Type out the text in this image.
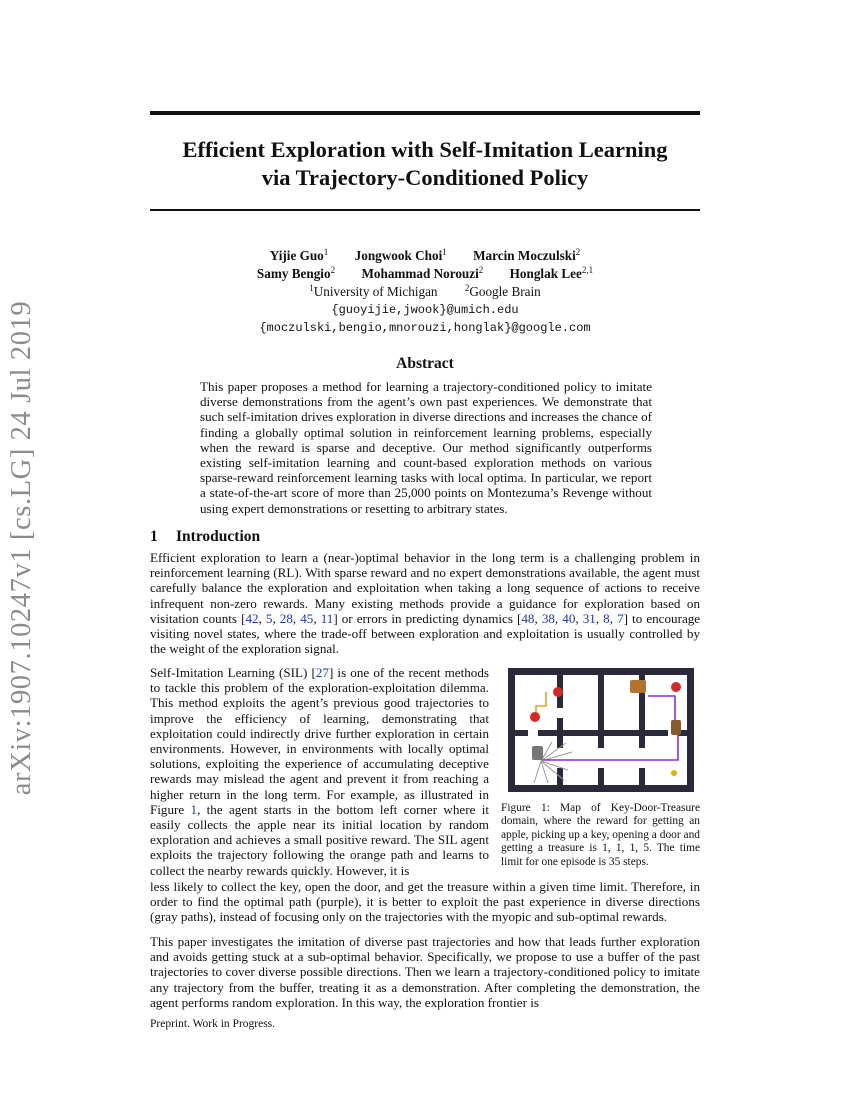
arXiv:1907.10247v1 [cs.LG] 24 Jul 2019
Efficient Exploration with Self-Imitation Learning
via Trajectory-Conditioned Policy
Yijie Guo$^1$ Jongwook Choi$^1$ Marcin Moczulski$^2$
Samy Bengio$^2$ Mohammad Norouzi$^2$ Honglak Lee$^{2,1}$
$^1$University of Michigan	$^2$Google Brain
{guoyijie,jwook}@umich.edu
{moczulski,bengio,mnorouzi,honglak}@google.com
Abstract
This paper proposes a method for learning a trajectory-conditioned policy to imitate diverse demonstrations from the agent’s own past experiences. We demonstrate that such self-imitation drives exploration in diverse directions and increases the chance of finding a globally optimal solution in reinforcement learning problems, especially when the reward is sparse and deceptive. Our method significantly outperforms existing self-imitation learning and count-based exploration methods on various sparse-reward reinforcement learning tasks with local optima. In particular, we report a state-of-the-art score of more than 25,000 points on Montezuma’s Revenge without using expert demonstrations or resetting to arbitrary states.
1 Introduction
Efficient exploration to learn a (near-)optimal behavior in the long term is a challenging problem in reinforcement learning (RL). With sparse reward and no expert demonstrations available, the agent must carefully balance the exploration and exploitation when taking a long sequence of actions to receive infrequent non-zero rewards. Many existing methods provide a guidance for exploration based on visitation counts [42, 5, 28, 45, 11] or errors in predicting dynamics [48, 38, 40, 31, 8, 7] to encourage visiting novel states, where the trade-off between exploration and exploitation is usually controlled by the weight of the exploration signal.
Self-Imitation Learning (SIL) [27] is one of the recent methods to tackle this problem of the exploration-exploitation dilemma. This method exploits the agent’s previous good trajectories to improve the efficiency of learning, demonstrating that exploitation could indirectly drive further exploration in certain environments. However, in environments with locally optimal solutions, exploiting the experience of accumulating deceptive rewards may mislead the agent and prevent it from reaching a higher return in the long term. For example, as illustrated in Figure 1, the agent starts in the bottom left corner where it easily collects the apple near its initial location by random exploration and achieves a small positive reward. The SIL agent exploits the trajectory following the orange path and learns to collect the nearby rewards quickly. However, it is
less likely to collect the key, open the door, and get the treasure within a given time limit. Therefore, in order to find the optimal path (purple), it is better to exploit the past experience in diverse directions (gray paths), instead of focusing only on the trajectories with the myopic and sub-optimal rewards.
Figure 1: Map of Key-Door-Treasure domain, where the reward for getting an apple, picking up a key, opening a door and getting a treasure is 1, 1, 1, 5. The time limit for one episode is 35 steps.
This paper investigates the imitation of diverse past trajectories and how that leads further exploration and avoids getting stuck at a sub-optimal behavior. Specifically, we propose to use a buffer of the past trajectories to cover diverse possible directions. Then we learn a trajectory-conditioned policy to imitate any trajectory from the buffer, treating it as a demonstration. After completing the demonstration, the agent performs random exploration. In this way, the exploration frontier is
Preprint. Work in Progress.
